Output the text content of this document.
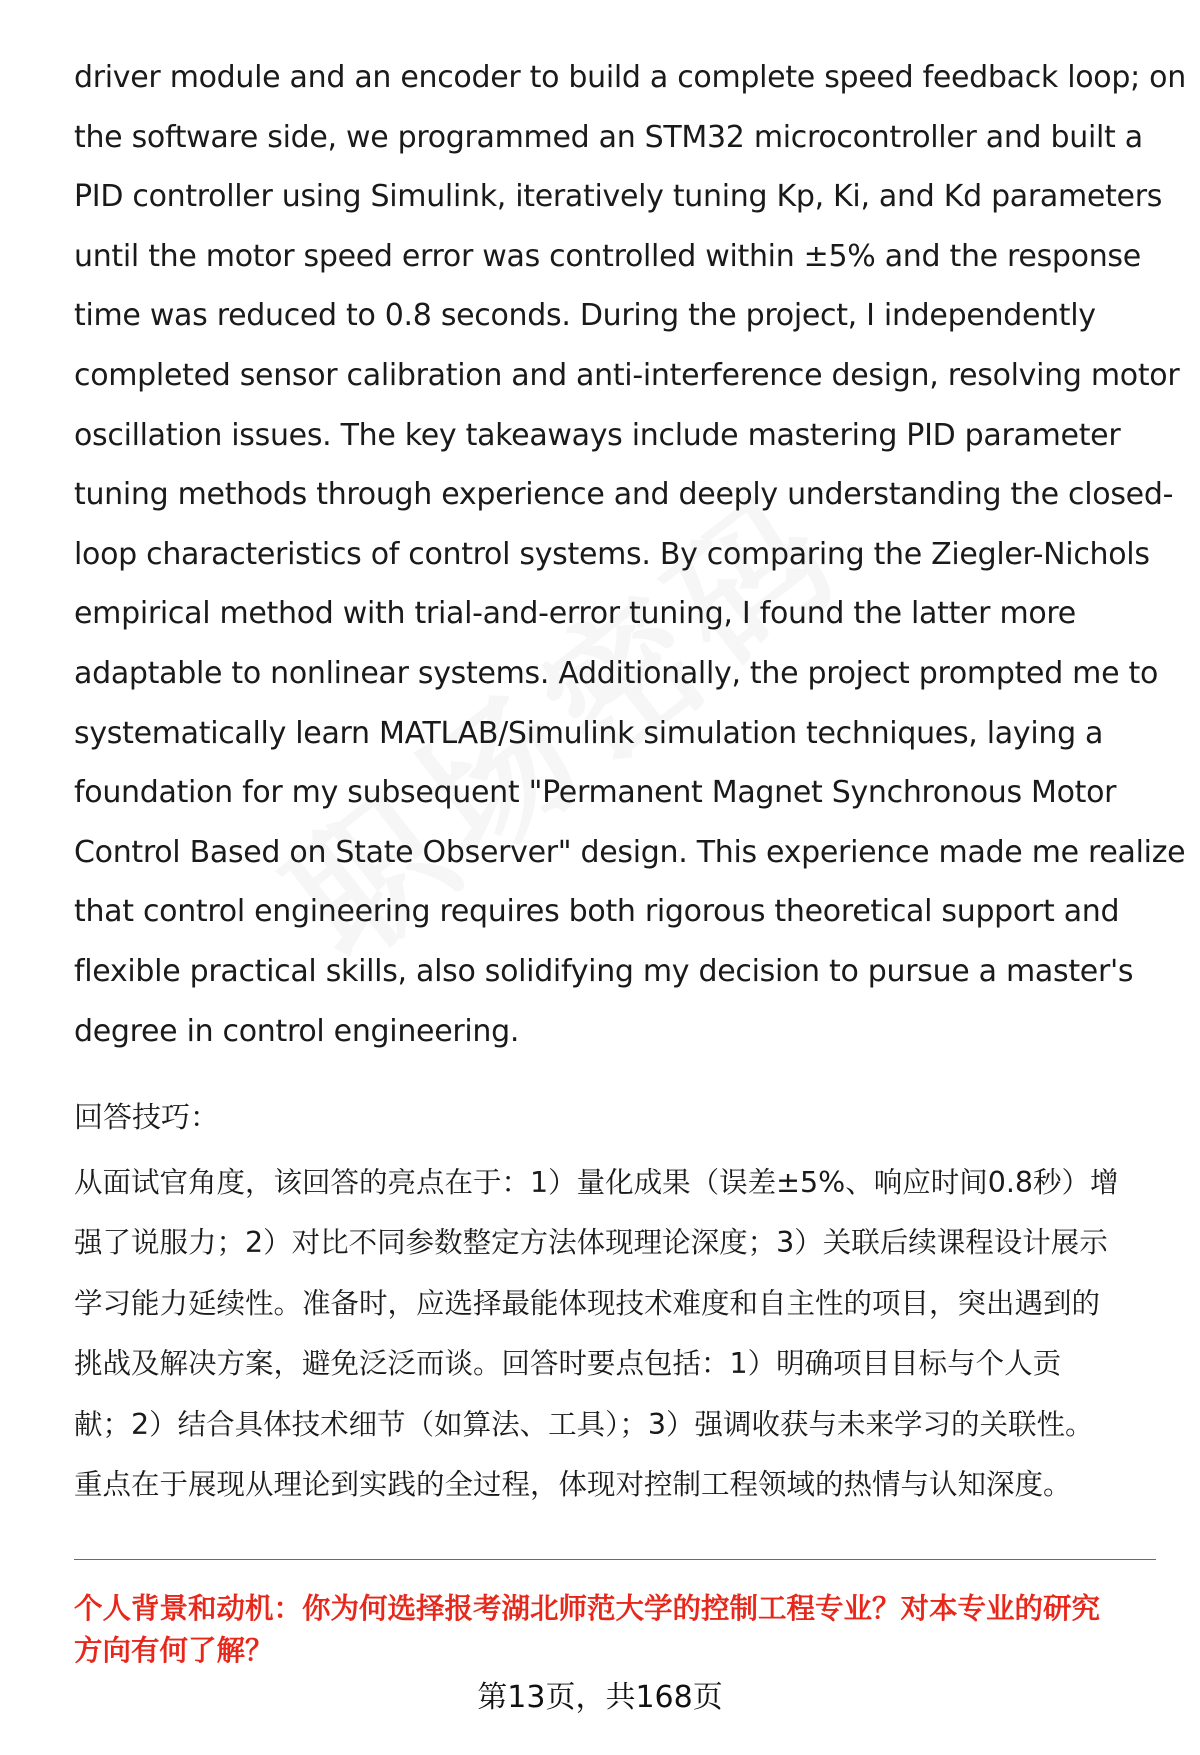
driver module and an encoder to build a complete speed feedback loop; on
the software side, we programmed an STM32 microcontroller and built a
PID controller using Simulink, iteratively tuning Kp, Ki, and Kd parameters
until the motor speed error was controlled within ±5% and the response
time was reduced to 0.8 seconds. During the project, I independently
completed sensor calibration and anti-interference design, resolving motor
oscillation issues. The key takeaways include mastering PID parameter
tuning methods through experience and deeply understanding the closed-
loop characteristics of control systems. By comparing the Ziegler-Nichols
empirical method with trial-and-error tuning, I found the latter more
adaptable to nonlinear systems. Additionally, the project prompted me to
systematically learn MATLAB/Simulink simulation techniques, laying a
foundation for my subsequent "Permanent Magnet Synchronous Motor
Control Based on State Observer" design. This experience made me realize
that control engineering requires both rigorous theoretical support and
flexible practical skills, also solidifying my decision to pursue a master's
degree in control engineering.

回答技巧：

从面试官角度，该回答的亮点在于：1）量化成果（误差±5%、响应时间0.8秒）增
强了说服力；2）对比不同参数整定方法体现理论深度；3）关联后续课程设计展示
学习能力延续性。准备时，应选择最能体现技术难度和自主性的项目，突出遇到的
挑战及解决方案，避免泛泛而谈。回答时要点包括：1）明确项目目标与个人贡
献；2）结合具体技术细节（如算法、工具）；3）强调收获与未来学习的关联性。
重点在于展现从理论到实践的全过程，体现对控制工程领域的热情与认知深度。

个人背景和动机：你为何选择报考湖北师范大学的控制工程专业？对本专业的研究
方向有何了解？

第13页，共168页
